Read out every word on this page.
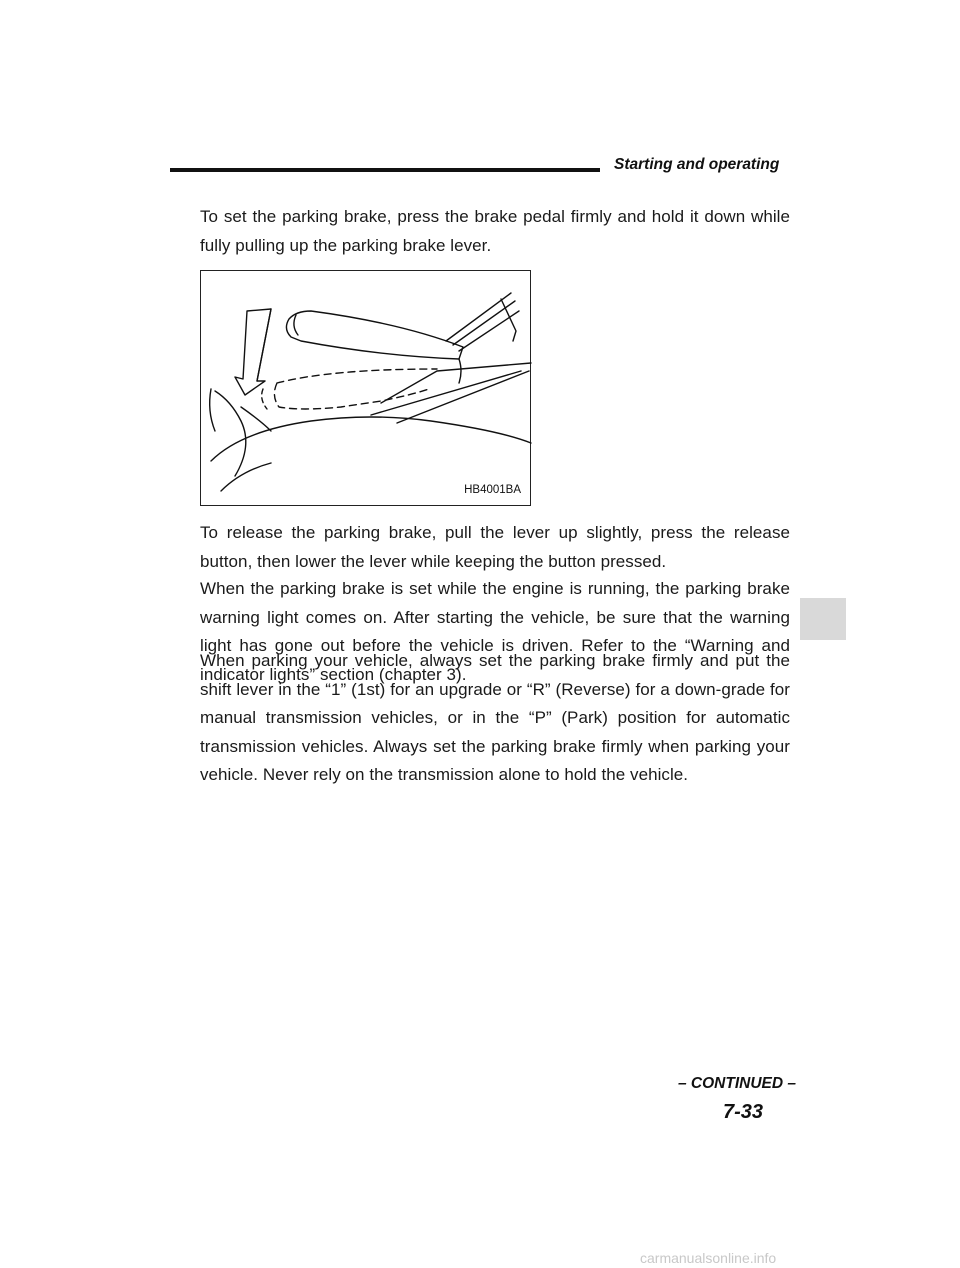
Starting and operating

To set the parking brake, press the brake pedal firmly and hold it down while fully pulling up the parking brake lever.

HB4001BA

To release the parking brake, pull the lever up slightly, press the release button, then lower the lever while keeping the button pressed.

When the parking brake is set while the engine is running, the parking brake warning light comes on. After starting the vehicle, be sure that the warning light has gone out before the vehicle is driven. Refer to the “Warning and indicator lights” section (chapter 3).

When parking your vehicle, always set the parking brake firmly and put the shift lever in the “1” (1st) for an upgrade or “R” (Reverse) for a down-grade for manual transmission vehicles, or in the “P” (Park) position for automatic transmission vehicles. Always set the parking brake firmly when parking your vehicle. Never rely on the transmission alone to hold the vehicle.

– CONTINUED –
7-33
carmanualsonline.info
